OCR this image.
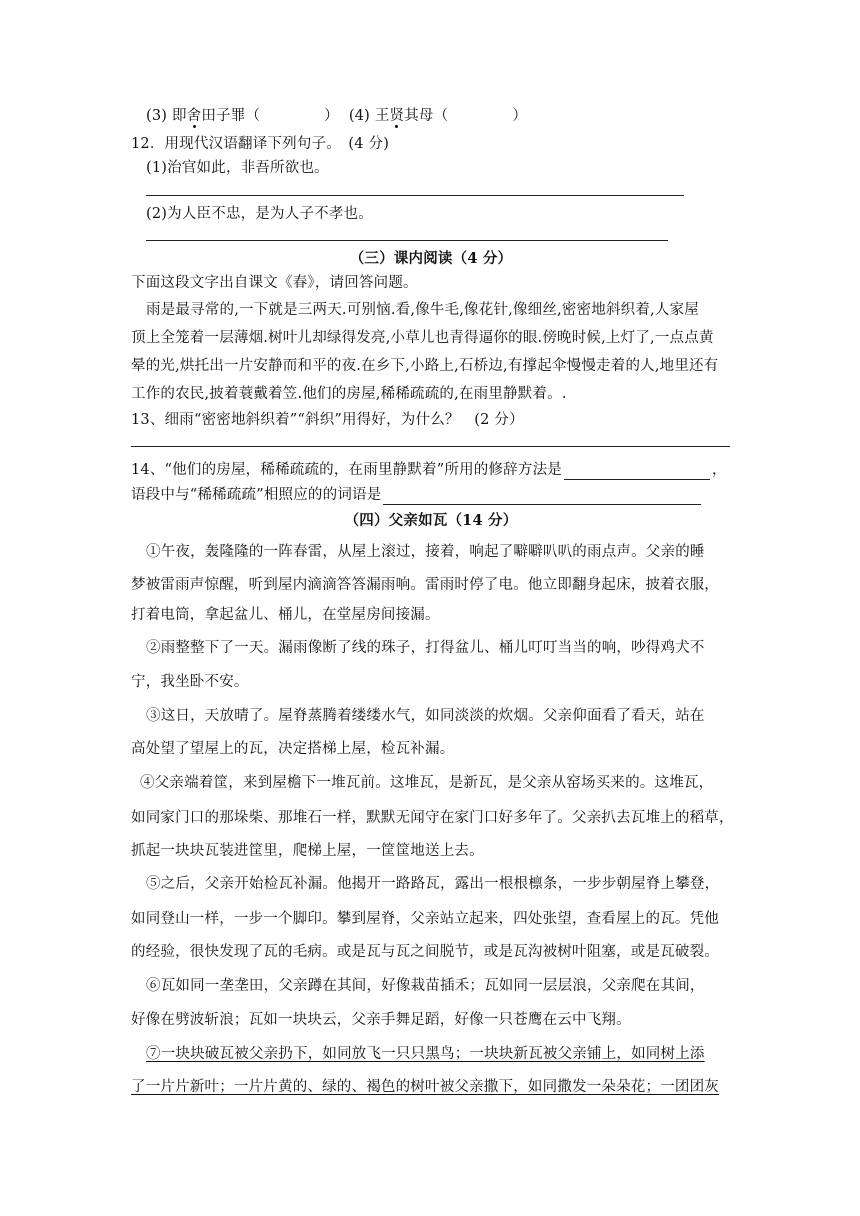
(3) 即舍田子罪（	） (4) 王贤其母（	）
12．用现代汉语翻译下列句子。　(4 分)
(1)治官如此，非吾所欲也。
(2)为人臣不忠，是为人子不孝也。
（三）课内阅读（4 分）
下面这段文字出自课文《春》，请回答问题。
雨是最寻常的,一下就是三两天.可别恼.看,像牛毛,像花针,像细丝,密密地斜织着,人家屋
顶上全笼着一层薄烟.树叶儿却绿得发亮,小草儿也青得逼你的眼.傍晚时候,上灯了,一点点黄
晕的光,烘托出一片安静而和平的夜.在乡下,小路上,石桥边,有撑起伞慢慢走着的人,地里还有
工作的农民,披着蓑戴着笠.他们的房屋,稀稀疏疏的,在雨里静默着。.
13、细雨“密密地斜织着”“斜织”用得好，为什么？　(2 分）
14、“他们的房屋，稀稀疏疏的，在雨里静默着”所用的修辞方法是	，
语段中与“稀稀疏疏”相照应的的词语是
（四）父亲如瓦（14 分）
①午夜，轰隆隆的一阵春雷，从屋上滚过，接着，响起了噼噼叭叭的雨点声。父亲的睡
梦被雷雨声惊醒，听到屋内滴滴答答漏雨响。雷雨时停了电。他立即翻身起床，披着衣服，
打着电筒，拿起盆儿、桶儿，在堂屋房间接漏。
②雨整整下了一天。漏雨像断了线的珠子，打得盆儿、桶儿叮叮当当的响，吵得鸡犬不
宁，我坐卧不安。
③这日，天放晴了。屋脊蒸腾着缕缕水气，如同淡淡的炊烟。父亲仰面看了看天，站在
高处望了望屋上的瓦，决定搭梯上屋，检瓦补漏。
④父亲端着筐，来到屋檐下一堆瓦前。这堆瓦，是新瓦，是父亲从窑场买来的。这堆瓦，
如同家门口的那垛柴、那堆石一样，默默无闻守在家门口好多年了。父亲扒去瓦堆上的稻草，
抓起一块块瓦装进筐里，爬梯上屋，一筐筐地送上去。
⑤之后，父亲开始检瓦补漏。他揭开一路路瓦，露出一根根檩条，一步步朝屋脊上攀登，
如同登山一样，一步一个脚印。攀到屋脊，父亲站立起来，四处张望，查看屋上的瓦。凭他
的经验，很快发现了瓦的毛病。或是瓦与瓦之间脱节，或是瓦沟被树叶阻塞，或是瓦破裂。
⑥瓦如同一垄垄田，父亲蹲在其间，好像栽苗插禾；瓦如同一层层浪，父亲爬在其间，
好像在劈波斩浪；瓦如一块块云，父亲手舞足蹈，好像一只苍鹰在云中飞翔。
⑦一块块破瓦被父亲扔下，如同放飞一只只黑鸟；一块块新瓦被父亲铺上，如同树上添
了一片片新叶；一片片黄的、绿的、褐色的树叶被父亲撒下，如同撒发一朵朵花；一团团灰
